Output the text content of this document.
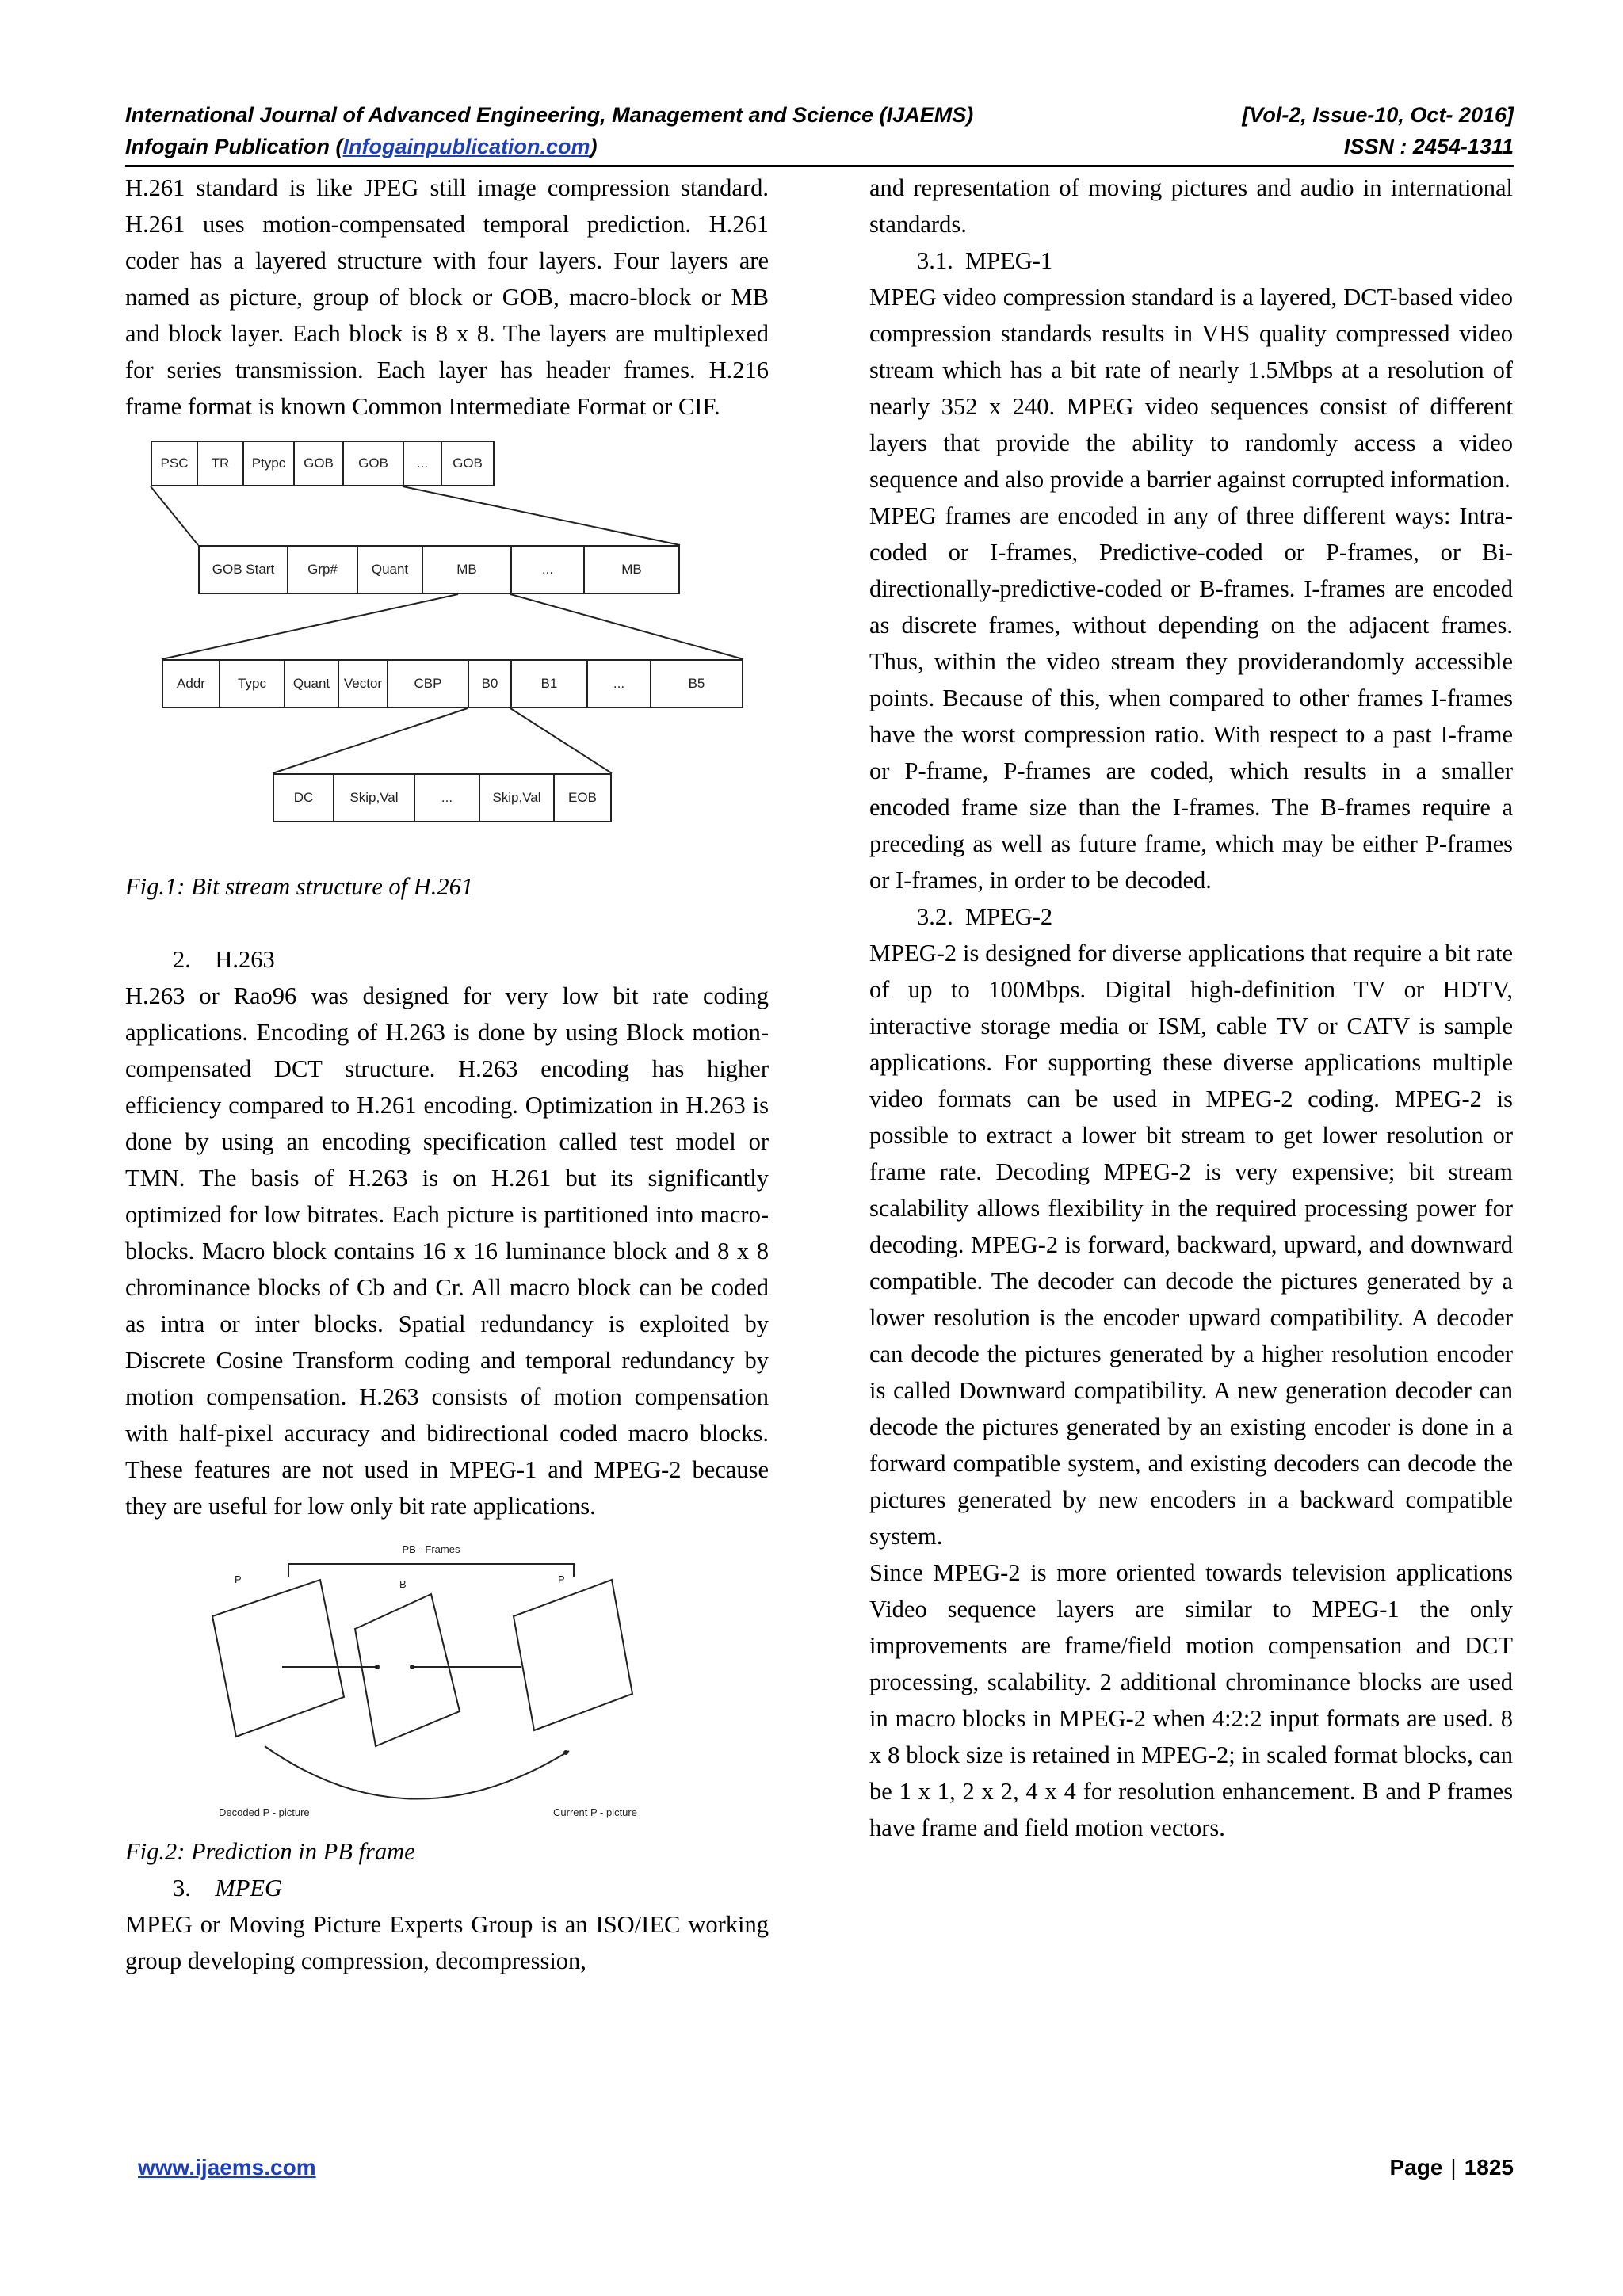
International Journal of Advanced Engineering, Management and Science (IJAEMS)	[Vol-2, Issue-10, Oct- 2016]
Infogain Publication (Infogainpublication.com)	ISSN : 2454-1311

H.261 standard is like JPEG still image compression standard. H.261 uses motion-compensated temporal prediction. H.261 coder has a layered structure with four layers. Four layers are named as picture, group of block or GOB, macro-block or MB and block layer. Each block is 8 x 8. The layers are multiplexed for series transmission. Each layer has header frames. H.216 frame format is known Common Intermediate Format or CIF.

PSC	TR	Ptypc	GOB	GOB	...	GOB
GOB Start	Grp#	Quant	MB	...	MB
Addr	Typc	Quant	Vector	CBP	B0	B1	...	B5
DC	Skip,Val	...	Skip,Val	EOB

Fig.1: Bit stream structure of H.261

2. H.263

H.263 or Rao96 was designed for very low bit rate coding applications. Encoding of H.263 is done by using Block motion-compensated DCT structure. H.263 encoding has higher efficiency compared to H.261 encoding. Optimization in H.263 is done by using an encoding specification called test model or TMN. The basis of H.263 is on H.261 but its significantly optimized for low bitrates. Each picture is partitioned into macro-blocks. Macro block contains 16 x 16 luminance block and 8 x 8 chrominance blocks of Cb and Cr. All macro block can be coded as intra or inter blocks. Spatial redundancy is exploited by Discrete Cosine Transform coding and temporal redundancy by motion compensation. H.263 consists of motion compensation with half-pixel accuracy and bidirectional coded macro blocks. These features are not used in MPEG-1 and MPEG-2 because they are useful for low only bit rate applications.

PB - Frames
P	B	P
Decoded P - picture	Current P - picture

Fig.2: Prediction in PB frame

3. MPEG

MPEG or Moving Picture Experts Group is an ISO/IEC working group developing compression, decompression,

and representation of moving pictures and audio in international standards.

3.1. MPEG-1

MPEG video compression standard is a layered, DCT-based video compression standards results in VHS quality compressed video stream which has a bit rate of nearly 1.5Mbps at a resolution of nearly 352 x 240. MPEG video sequences consist of different layers that provide the ability to randomly access a video sequence and also provide a barrier against corrupted information.

MPEG frames are encoded in any of three different ways: Intra-coded or I-frames, Predictive-coded or P-frames, or Bi-directionally-predictive-coded or B-frames. I-frames are encoded as discrete frames, without depending on the adjacent frames. Thus, within the video stream they providerandomly accessible points. Because of this, when compared to other frames I-frames have the worst compression ratio. With respect to a past I-frame or P-frame, P-frames are coded, which results in a smaller encoded frame size than the I-frames. The B-frames require a preceding as well as future frame, which may be either P-frames or I-frames, in order to be decoded.

3.2. MPEG-2

MPEG-2 is designed for diverse applications that require a bit rate of up to 100Mbps. Digital high-definition TV or HDTV, interactive storage media or ISM, cable TV or CATV is sample applications. For supporting these diverse applications multiple video formats can be used in MPEG-2 coding. MPEG-2 is possible to extract a lower bit stream to get lower resolution or frame rate. Decoding MPEG-2 is very expensive; bit stream scalability allows flexibility in the required processing power for decoding. MPEG-2 is forward, backward, upward, and downward compatible. The decoder can decode the pictures generated by a lower resolution is the encoder upward compatibility. A decoder can decode the pictures generated by a higher resolution encoder is called Downward compatibility. A new generation decoder can decode the pictures generated by an existing encoder is done in a forward compatible system, and existing decoders can decode the pictures generated by new encoders in a backward compatible system.

Since MPEG-2 is more oriented towards television applications Video sequence layers are similar to MPEG-1 the only improvements are frame/field motion compensation and DCT processing, scalability. 2 additional chrominance blocks are used in macro blocks in MPEG-2 when 4:2:2 input formats are used. 8 x 8 block size is retained in MPEG-2; in scaled format blocks, can be 1 x 1, 2 x 2, 4 x 4 for resolution enhancement. B and P frames have frame and field motion vectors.

www.ijaems.com	Page | 1825
